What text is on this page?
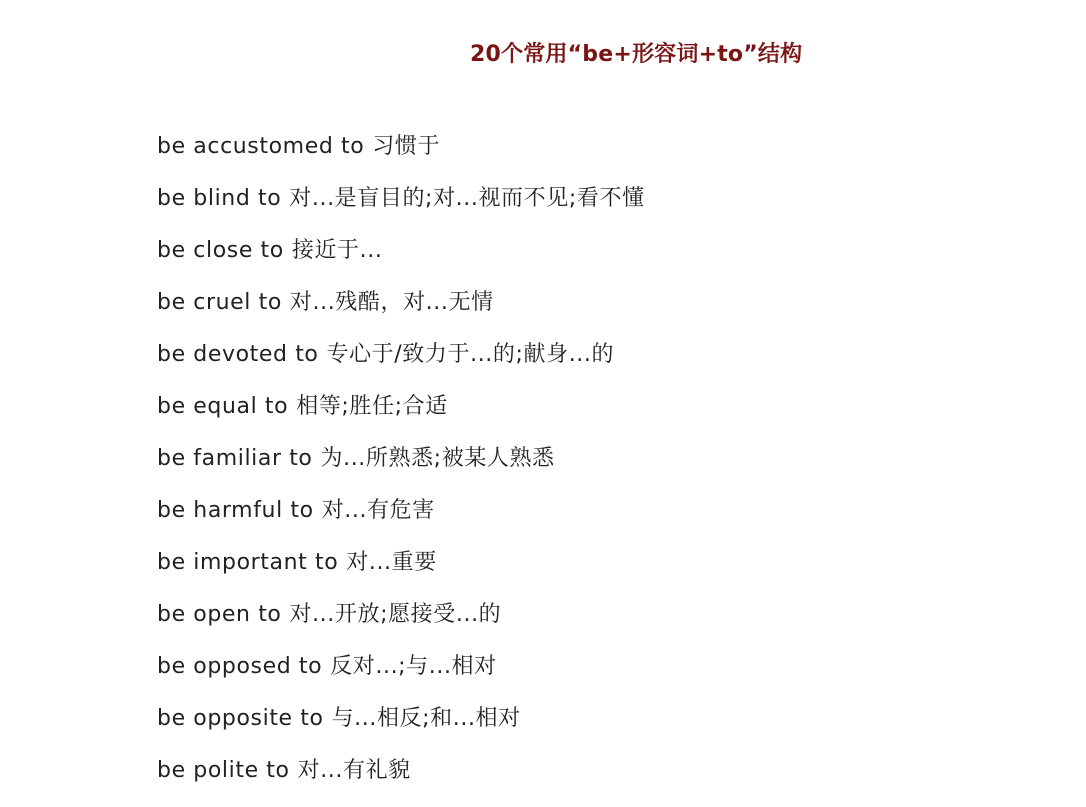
20个常用“be+形容词+to”结构
be accustomed to 习惯于
be blind to 对...是盲目的;对...视而不见;看不懂
be close to 接近于...
be cruel to 对...残酷，对...无情
be devoted to 专心于/致力于...的;献身...的
be equal to 相等;胜任;合适
be familiar to 为...所熟悉;被某人熟悉
be harmful to 对...有危害
be important to 对...重要
be open to 对...开放;愿接受...的
be opposed to 反对...;与...相对
be opposite to 与...相反;和...相对
be polite to 对...有礼貌
